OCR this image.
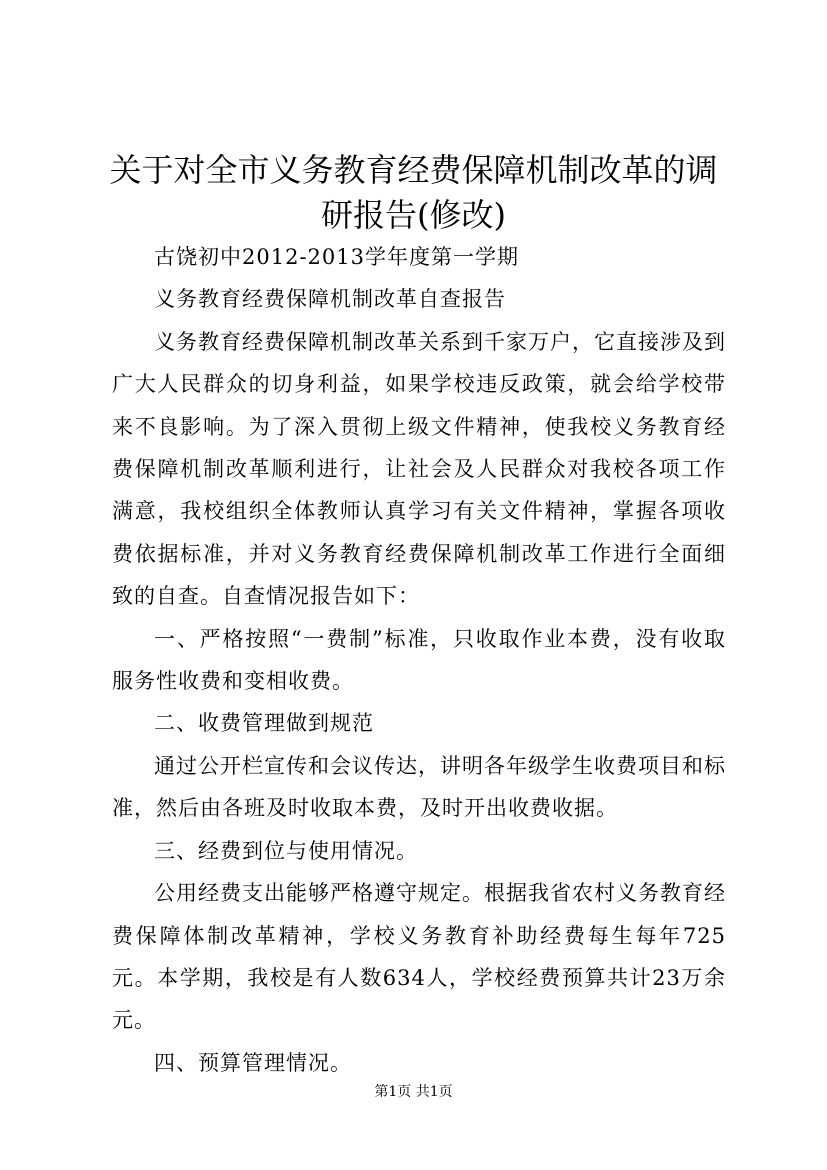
关于对全市义务教育经费保障机制改革的调研报告(修改)

古饶初中2012-2013学年度第一学期

义务教育经费保障机制改革自查报告

义务教育经费保障机制改革关系到千家万户，它直接涉及到广大人民群众的切身利益，如果学校违反政策，就会给学校带来不良影响。为了深入贯彻上级文件精神，使我校义务教育经费保障机制改革顺利进行，让社会及人民群众对我校各项工作满意，我校组织全体教师认真学习有关文件精神，掌握各项收费依据标准，并对义务教育经费保障机制改革工作进行全面细致的自查。自查情况报告如下：

一、严格按照“一费制”标准，只收取作业本费，没有收取服务性收费和变相收费。

二、收费管理做到规范

通过公开栏宣传和会议传达，讲明各年级学生收费项目和标准，然后由各班及时收取本费，及时开出收费收据。

三、经费到位与使用情况。

公用经费支出能够严格遵守规定。根据我省农村义务教育经费保障体制改革精神，学校义务教育补助经费每生每年725元。本学期，我校是有人数634人，学校经费预算共计23万余元。

四、预算管理情况。

第1页 共1页
